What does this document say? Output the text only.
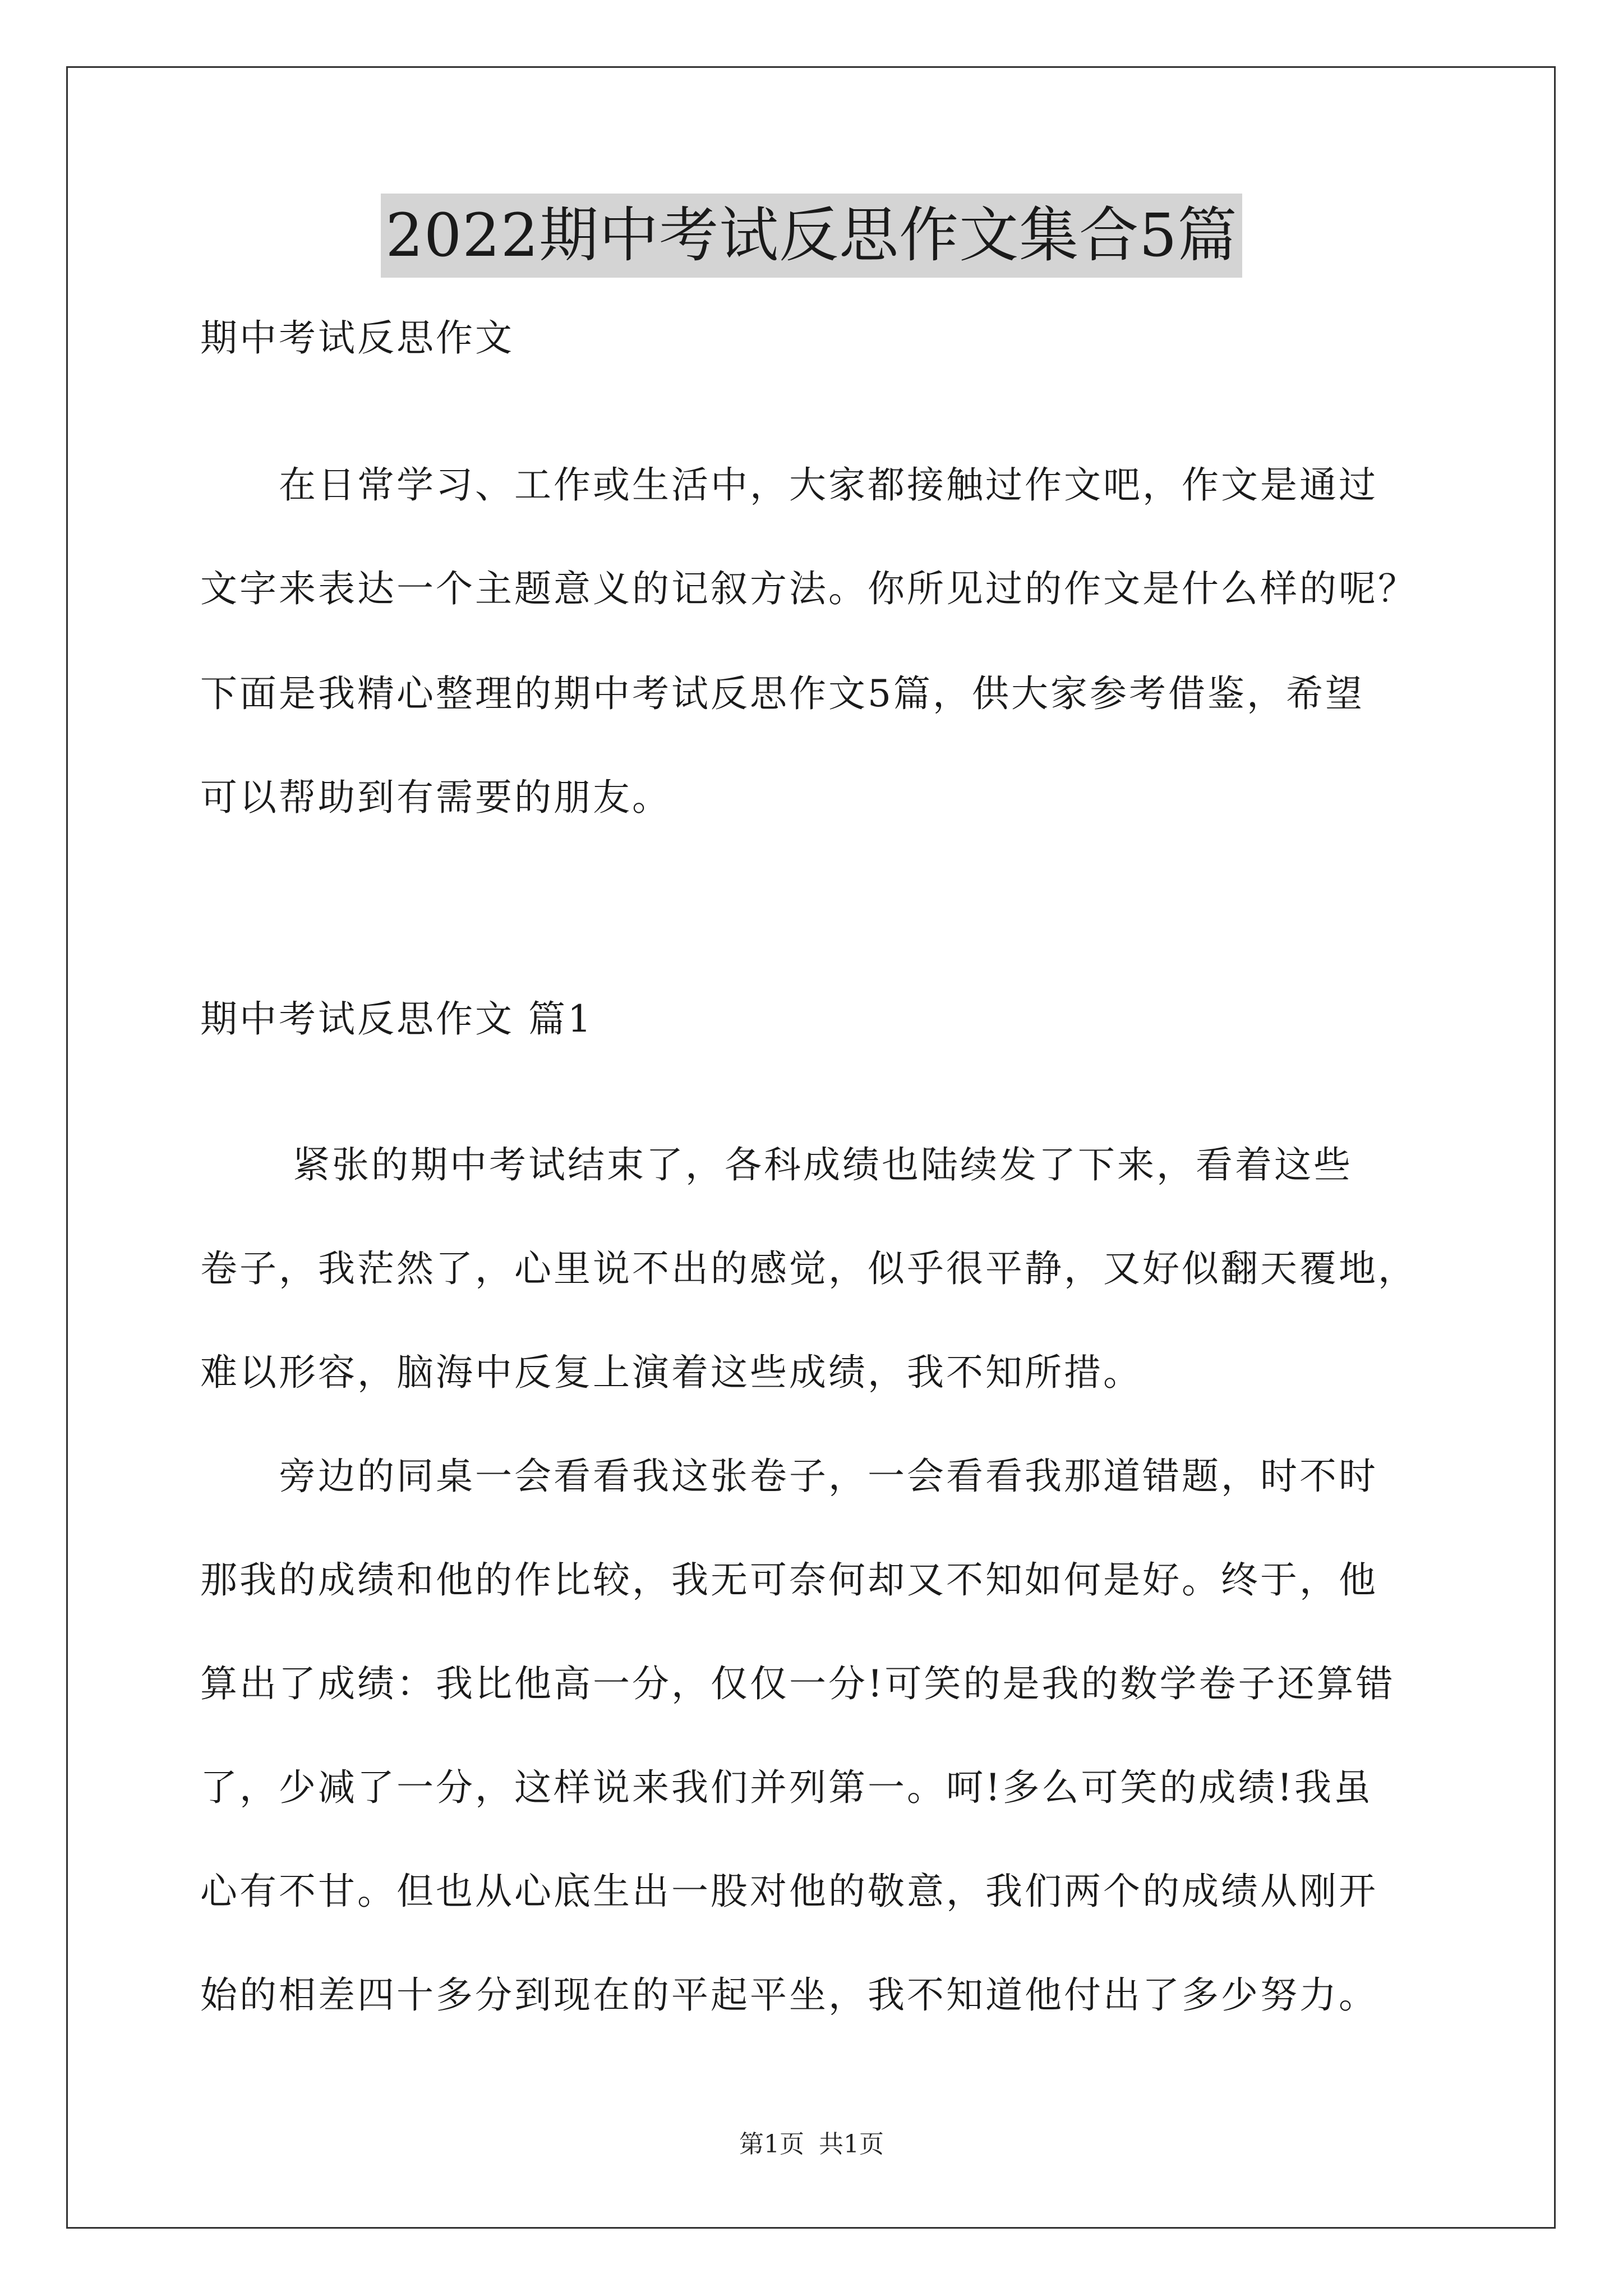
2022期中考试反思作文集合5篇
期中考试反思作文
　　在日常学习、工作或生活中，大家都接触过作文吧，作文是通过
文字来表达一个主题意义的记叙方法。你所见过的作文是什么样的呢？
下面是我精心整理的期中考试反思作文5篇，供大家参考借鉴，希望
可以帮助到有需要的朋友。
期中考试反思作文 篇1
　　 紧张的期中考试结束了，各科成绩也陆续发了下来，看着这些
卷子，我茫然了，心里说不出的感觉，似乎很平静，又好似翻天覆地，
难以形容，脑海中反复上演着这些成绩，我不知所措。
　　旁边的同桌一会看看我这张卷子，一会看看我那道错题，时不时
那我的成绩和他的作比较，我无可奈何却又不知如何是好。终于，他
算出了成绩：我比他高一分，仅仅一分!可笑的是我的数学卷子还算错
了，少减了一分，这样说来我们并列第一。呵!多么可笑的成绩!我虽
心有不甘。但也从心底生出一股对他的敬意，我们两个的成绩从刚开
始的相差四十多分到现在的平起平坐，我不知道他付出了多少努力。
第1页 共1页
